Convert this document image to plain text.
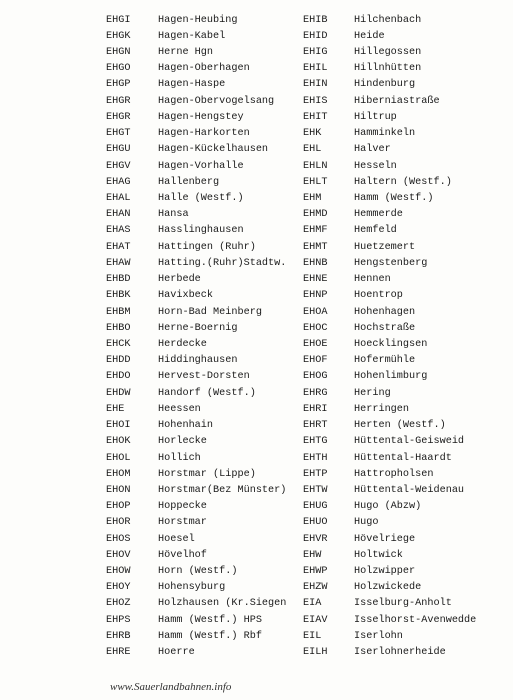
EHGI	Hagen-Heubing
EHGK	Hagen-Kabel
EHGN	Herne Hgn
EHGO	Hagen-Oberhagen
EHGP	Hagen-Haspe
EHGR	Hagen-Obervogelsang
EHGR	Hagen-Hengstey
EHGT	Hagen-Harkorten
EHGU	Hagen-Kückelhausen
EHGV	Hagen-Vorhalle
EHAG	Hallenberg
EHAL	Halle (Westf.)
EHAN	Hansa
EHAS	Hasslinghausen
EHAT	Hattingen (Ruhr)
EHAW	Hatting.(Ruhr)Stadtw.
EHBD	Herbede
EHBK	Havixbeck
EHBM	Horn-Bad Meinberg
EHBO	Herne-Boernig
EHCK	Herdecke
EHDD	Hiddinghausen
EHDO	Hervest-Dorsten
EHDW	Handorf (Westf.)
EHE	Heessen
EHOI	Hohenhain
EHOK	Horlecke
EHOL	Hollich
EHOM	Horstmar (Lippe)
EHON	Horstmar(Bez Münster)
EHOP	Hoppecke
EHOR	Horstmar
EHOS	Hoesel
EHOV	Hövelhof
EHOW	Horn (Westf.)
EHOY	Hohensyburg
EHOZ	Holzhausen (Kr.Siegen
EHPS	Hamm (Westf.) HPS
EHRB	Hamm (Westf.) Rbf
EHRE	Hoerre
EHIB	Hilchenbach
EHID	Heide
EHIG	Hillegossen
EHIL	Hillnhütten
EHIN	Hindenburg
EHIS	Hiberniastraße
EHIT	Hiltrup
EHK	Hamminkeln
EHL	Halver
EHLN	Hesseln
EHLT	Haltern (Westf.)
EHM	Hamm (Westf.)
EHMD	Hemmerde
EHMF	Hemfeld
EHMT	Huetzemert
EHNB	Hengstenberg
EHNE	Hennen
EHNP	Hoentrop
EHOA	Hohenhagen
EHOC	Hochstraße
EHOE	Hoecklingsen
EHOF	Hofermühle
EHOG	Hohenlimburg
EHRG	Hering
EHRI	Herringen
EHRT	Herten (Westf.)
EHTG	Hüttental-Geisweid
EHTH	Hüttental-Haardt
EHTP	Hattropholsen
EHTW	Hüttental-Weidenau
EHUG	Hugo (Abzw)
EHUO	Hugo
EHVR	Hövelriege
EHW	Holtwick
EHWP	Holzwipper
EHZW	Holzwickede
EIA	Isselburg-Anholt
EIAV	Isselhorst-Avenwedde
EIL	Iserlohn
EILH	Iserlohnerheide
www.Sauerlandbahnen.info
